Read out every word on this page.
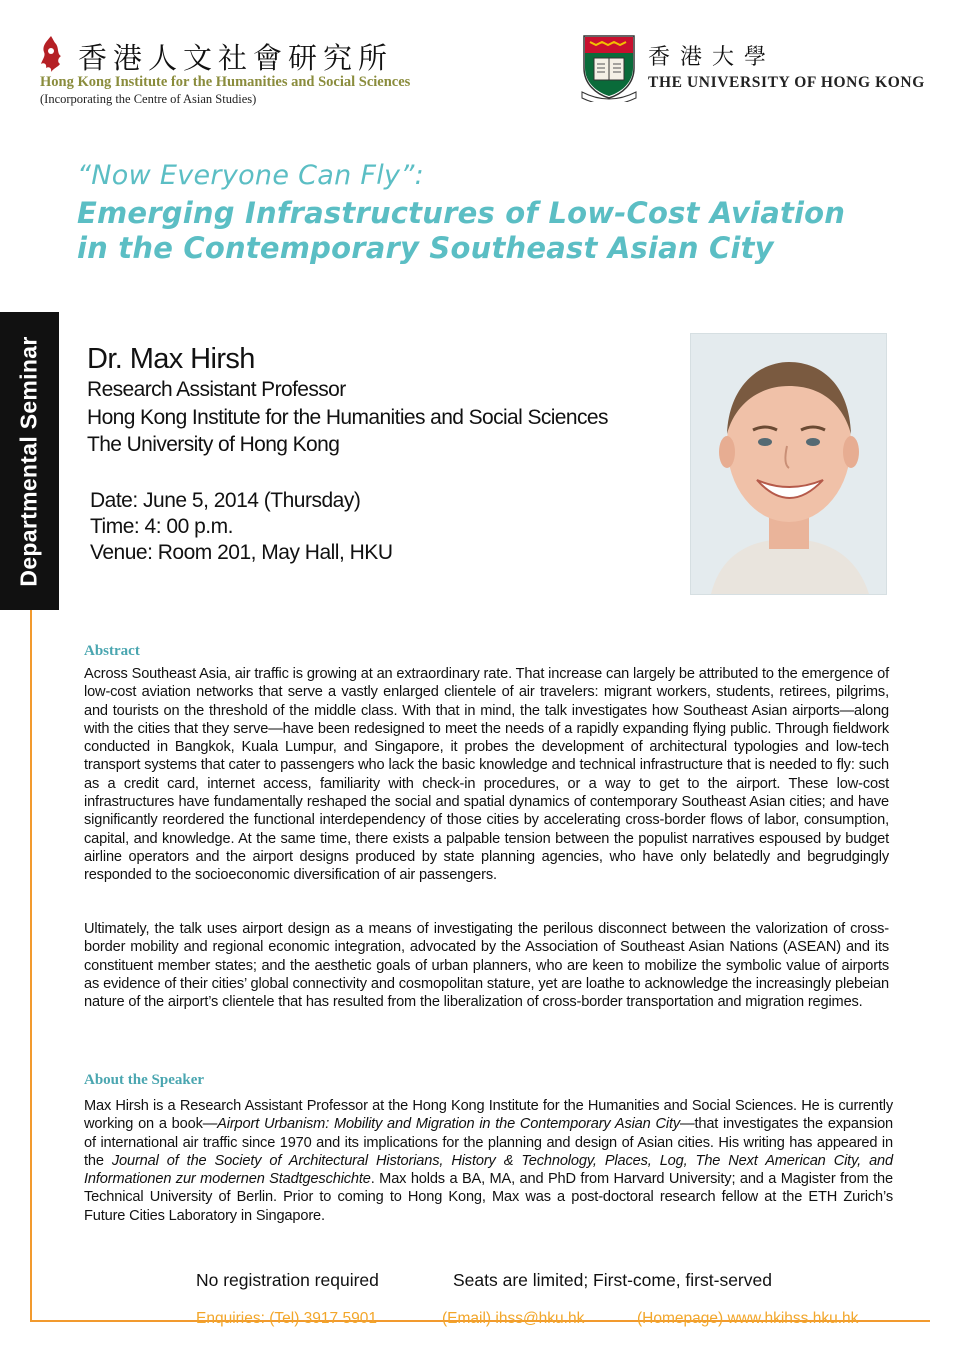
香港人文社會研究所
Hong Kong Institute for the Humanities and Social Sciences
(Incorporating the Centre of Asian Studies)
香港大學
THE UNIVERSITY OF HONG KONG
“Now Everyone Can Fly”:
Emerging Infrastructures of Low-Cost Aviation
in the Contemporary Southeast Asian City
Departmental Seminar Dr. Max Hirsh
Research Assistant Professor
Hong Kong Institute for the Humanities and Social Sciences
The University of Hong Kong
Date: June 5, 2014 (Thursday)
Time: 4: 00 p.m.
Venue: Room 201, May Hall, HKU
Abstract
Across Southeast Asia, air traffic is growing at an extraordinary rate. That increase can largely be attributed to the emergence of low-cost aviation networks that serve a vastly enlarged clientele of air travelers: migrant workers, students, retirees, pilgrims, and tourists on the threshold of the middle class. With that in mind, the talk investigates how Southeast Asian airports—along with the cities that they serve—have been redesigned to meet the needs of a rapidly expanding flying public. Through fieldwork conducted in Bangkok, Kuala Lumpur, and Singapore, it probes the development of architectural typologies and low-tech transport systems that cater to passengers who lack the basic knowledge and technical infrastructure that is needed to fly: such as a credit card, internet access, familiarity with check-in procedures, or a way to get to the airport. These low-cost infrastructures have fundamentally reshaped the social and spatial dynamics of contemporary Southeast Asian cities; and have significantly reordered the functional interdependency of those cities by accelerating cross-border flows of labor, consumption, capital, and knowledge. At the same time, there exists a palpable tension between the populist narratives espoused by budget airline operators and the airport designs produced by state planning agencies, who have only belatedly and begrudgingly responded to the socioeconomic diversification of air passengers.
Ultimately, the talk uses airport design as a means of investigating the perilous disconnect between the valorization of cross-border mobility and regional economic integration, advocated by the Association of Southeast Asian Nations (ASEAN) and its constituent member states; and the aesthetic goals of urban planners, who are keen to mobilize the symbolic value of airports as evidence of their cities’ global connectivity and cosmopolitan stature, yet are loathe to acknowledge the increasingly plebeian nature of the airport’s clientele that has resulted from the liberalization of cross-border transportation and migration regimes.
About the Speaker
Max Hirsh is a Research Assistant Professor at the Hong Kong Institute for the Humanities and Social Sciences. He is currently working on a book—Airport Urbanism: Mobility and Migration in the Contemporary Asian City—that investigates the expansion of international air traffic since 1970 and its implications for the planning and design of Asian cities. His writing has appeared in the Journal of the Society of Architectural Historians, History & Technology, Places, Log, The Next American City, and Informationen zur modernen Stadtgeschichte. Max holds a BA, MA, and PhD from Harvard University; and a Magister from the Technical University of Berlin. Prior to coming to Hong Kong, Max was a post-doctoral research fellow at the ETH Zurich’s Future Cities Laboratory in Singapore.
No registration required	Seats are limited; First-come, first-served
Enquiries: (Tel) 3917 5901	(Email) ihss@hku.hk	(Homepage) www.hkihss.hku.hk
